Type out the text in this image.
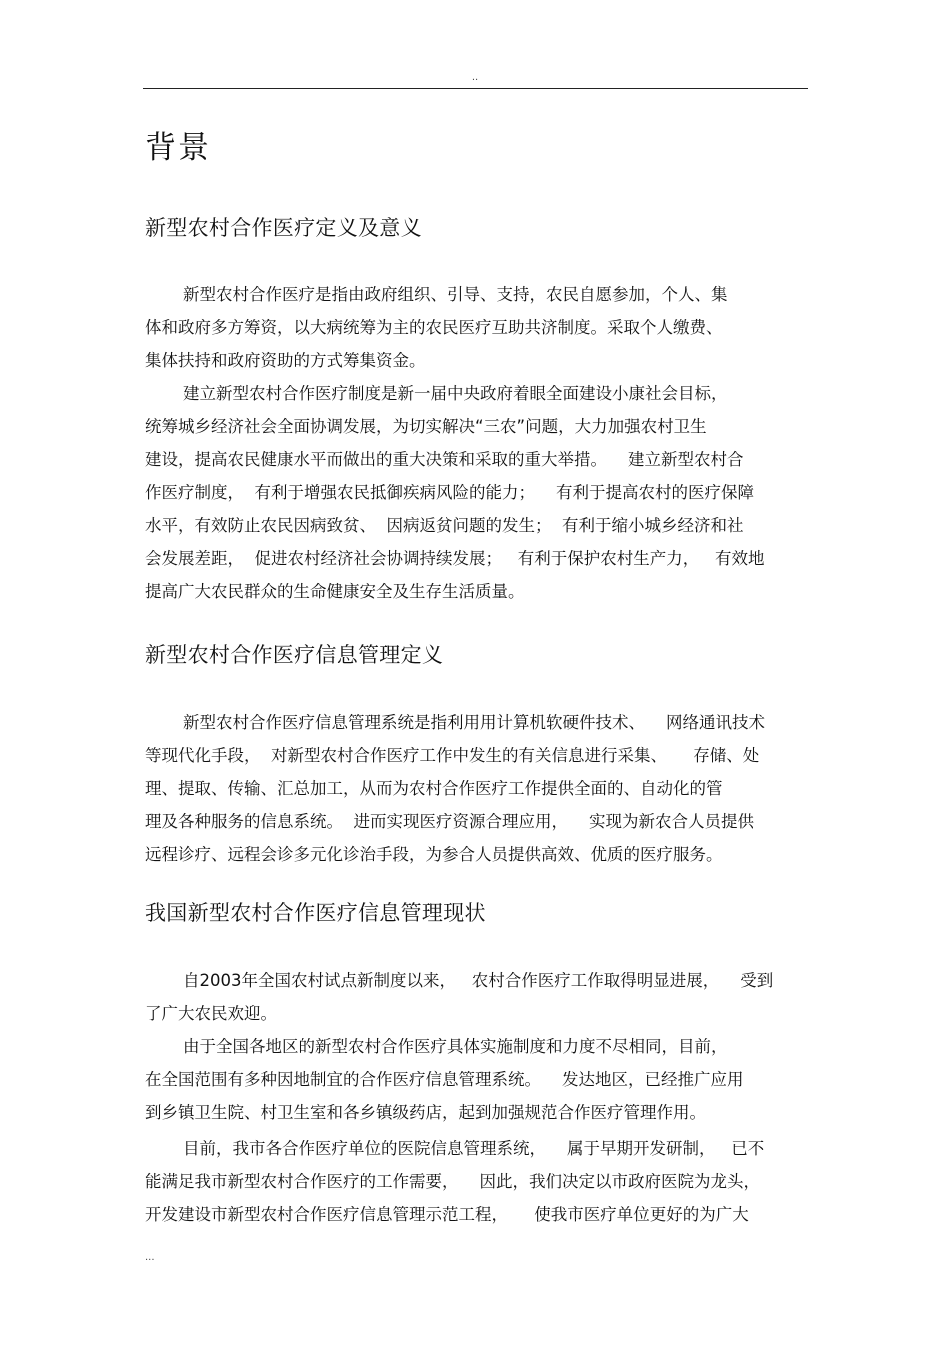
..
背景
新型农村合作医疗定义及意义
新型农村合作医疗是指由政府组织、引导、支持，农民自愿参加，个人、集
体和政府多方筹资，以大病统筹为主的农民医疗互助共济制度。采取个人缴费、
集体扶持和政府资助的方式筹集资金。
建立新型农村合作医疗制度是新一届中央政府着眼全面建设小康社会目标，
统筹城乡经济社会全面协调发展，为切实解决“三农”问题，大力加强农村卫生
建设，提高农民健康水平而做出的重大决策和采取的重大举措。    建立新型农村合
作医疗制度，  有利于增强农民抵御疾病风险的能力；    有利于提高农村的医疗保障
水平，有效防止农民因病致贫、  因病返贫问题的发生；  有利于缩小城乡经济和社
会发展差距，  促进农村经济社会协调持续发展；   有利于保护农村生产力，   有效地
提高广大农民群众的生命健康安全及生存生活质量。
新型农村合作医疗信息管理定义
新型农村合作医疗信息管理系统是指利用用计算机软硬件技术、    网络通讯技术
等现代化手段，  对新型农村合作医疗工作中发生的有关信息进行采集、     存储、处
理、提取、传输、汇总加工，从而为农村合作医疗工作提供全面的、自动化的管
理及各种服务的信息系统。  进而实现医疗资源合理应用，    实现为新农合人员提供
远程诊疗、远程会诊多元化诊治手段，为参合人员提供高效、优质的医疗服务。
我国新型农村合作医疗信息管理现状
自2003年全国农村试点新制度以来，   农村合作医疗工作取得明显进展，    受到
了广大农民欢迎。
由于全国各地区的新型农村合作医疗具体实施制度和力度不尽相同，目前，
在全国范围有多种因地制宜的合作医疗信息管理系统。    发达地区，已经推广应用
到乡镇卫生院、村卫生室和各乡镇级药店，起到加强规范合作医疗管理作用。
目前，我市各合作医疗单位的医院信息管理系统，    属于早期开发研制，   已不
能满足我市新型农村合作医疗的工作需要，    因此，我们决定以市政府医院为龙头，
开发建设市新型农村合作医疗信息管理示范工程，     使我市医疗单位更好的为广大
...
